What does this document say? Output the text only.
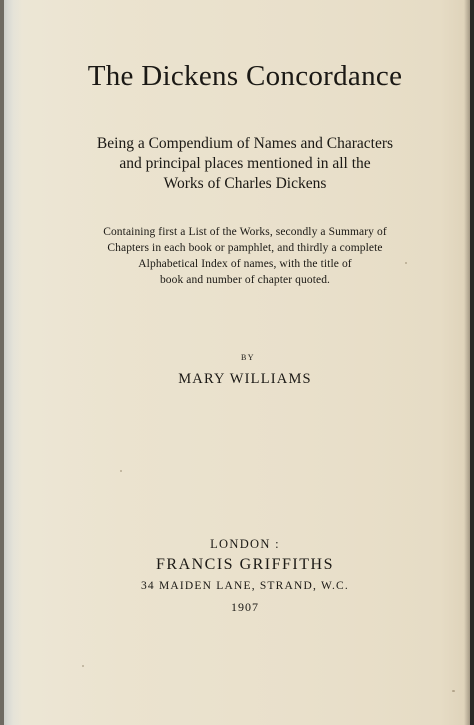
The Dickens Concordance
Being a Compendium of Names and Characters
and principal places mentioned in all the
Works of Charles Dickens
Containing first a List of the Works, secondly a Summary of
Chapters in each book or pamphlet, and thirdly a complete
Alphabetical Index of names, with the title of
book and number of chapter quoted.
BY
MARY WILLIAMS
LONDON :
FRANCIS GRIFFITHS
34 MAIDEN LANE, STRAND, W.C.
1907
